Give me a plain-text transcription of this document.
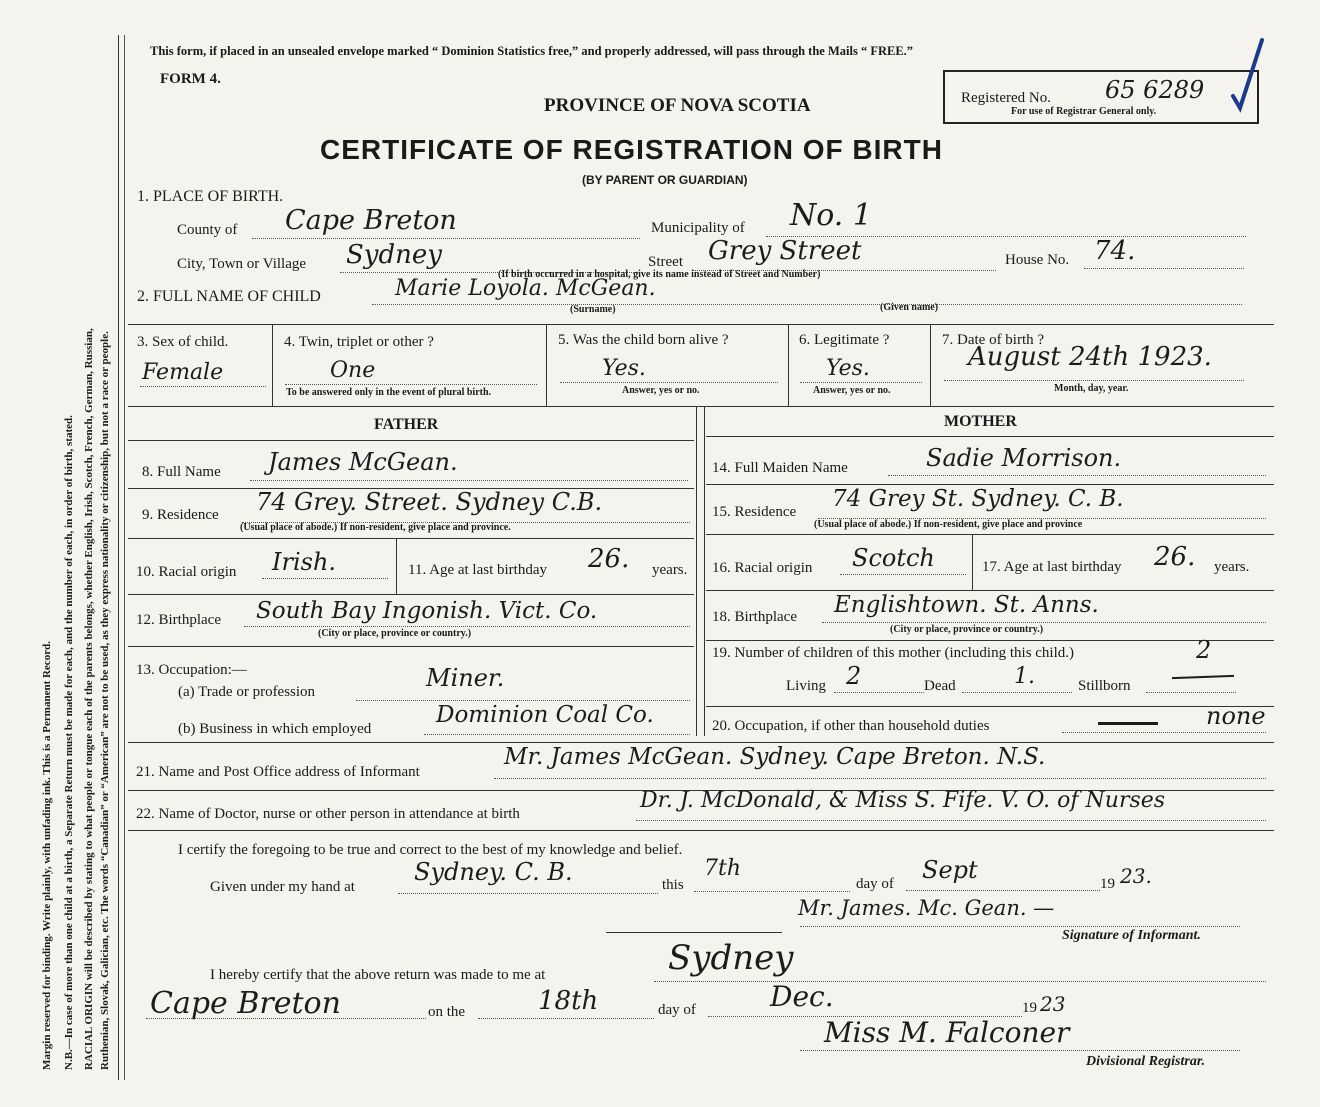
Margin reserved for binding. Write plainly, with unfading ink. This is a Permanent Record. N.B.—In case of more than one child at a birth, a Separate Return must be made for each, and the number of each, in order of birth, stated. RACIAL ORIGIN will be described by stating to what people or tongue each of the parents belongs, whether English, Irish, Scotch, French, German, Russian, Ruthenian, Slovak, Galician, etc. The words “Canadian” or “American” are not to be used, as they express nationality or citizenship, but not a race or people.
This form, if placed in an unsealed envelope marked “ Dominion Statistics free,” and properly addressed, will pass through the Mails “ FREE.”
FORM 4.
PROVINCE OF NOVA SCOTIA
CERTIFICATE OF REGISTRATION OF BIRTH
(BY PARENT OR GUARDIAN)
Registered No. 65 6289
For use of Registrar General only.
1. PLACE OF BIRTH.
County of Cape Breton	Municipality of No. 1
City, Town or Village Sydney	Street Grey Street
(If birth occurred in a hospital, give its name instead of Street and Number)
House No. 74.
2. FULL NAME OF CHILD	Marie Loyola. McGean.
(Surname)	(Given name)
3. Sex of child.
Female
4. Twin, triplet or other ?
One
To be answered only in the event of plural birth.
5. Was the child born alive ?
Yes.
Answer, yes or no.
6. Legitimate ?
Yes.
Answer, yes or no.
7. Date of birth ?
August 24th 1923.
Month, day, year.
FATHER	MOTHER
8. Full Name James McGean.
9. Residence 74 Grey. Street. Sydney C.B.
(Usual place of abode.) If non-resident, give place and province.
10. Racial origin Irish.	11. Age at last birthday 26. years.
12. Birthplace South Bay Ingonish. Vict. Co.
(City or place, province or country.)
13. Occupation:—
(a) Trade or profession	Miner.
(b) Business in which employed
Dominion Coal Co.
14. Full Maiden Name	Sadie Morrison.
15. Residence 74 Grey St. Sydney. C. B.
(Usual place of abode.) If non-resident, give place and province
16. Racial origin Scotch	17. Age at last birthday 26. years.
18. Birthplace Englishtown. St. Anns.
(City or place, province or country.)
19. Number of children of this mother (including this child.)	2
Living 2	Dead	1.	Stillborn
20. Occupation, if other than household duties	none
21. Name and Post Office address of Informant
Mr. James McGean. Sydney. Cape Breton. N.S.
22. Name of Doctor, nurse or other person in attendance at birth
Dr. J. McDonald, & Miss S. Fife. V. O. of Nurses
I certify the foregoing to be true and correct to the best of my knowledge and belief.
Given under my hand at
Sydney. C. B.	this
7th
day of Sept	19 23.
Mr. James. Mc. Gean. —
Signature of Informant.
I hereby certify that the above return was made to me at	Sydney
Cape Breton	on the	18th	day of	Dec.	19 23
Miss M. Falconer
Divisional Registrar.
